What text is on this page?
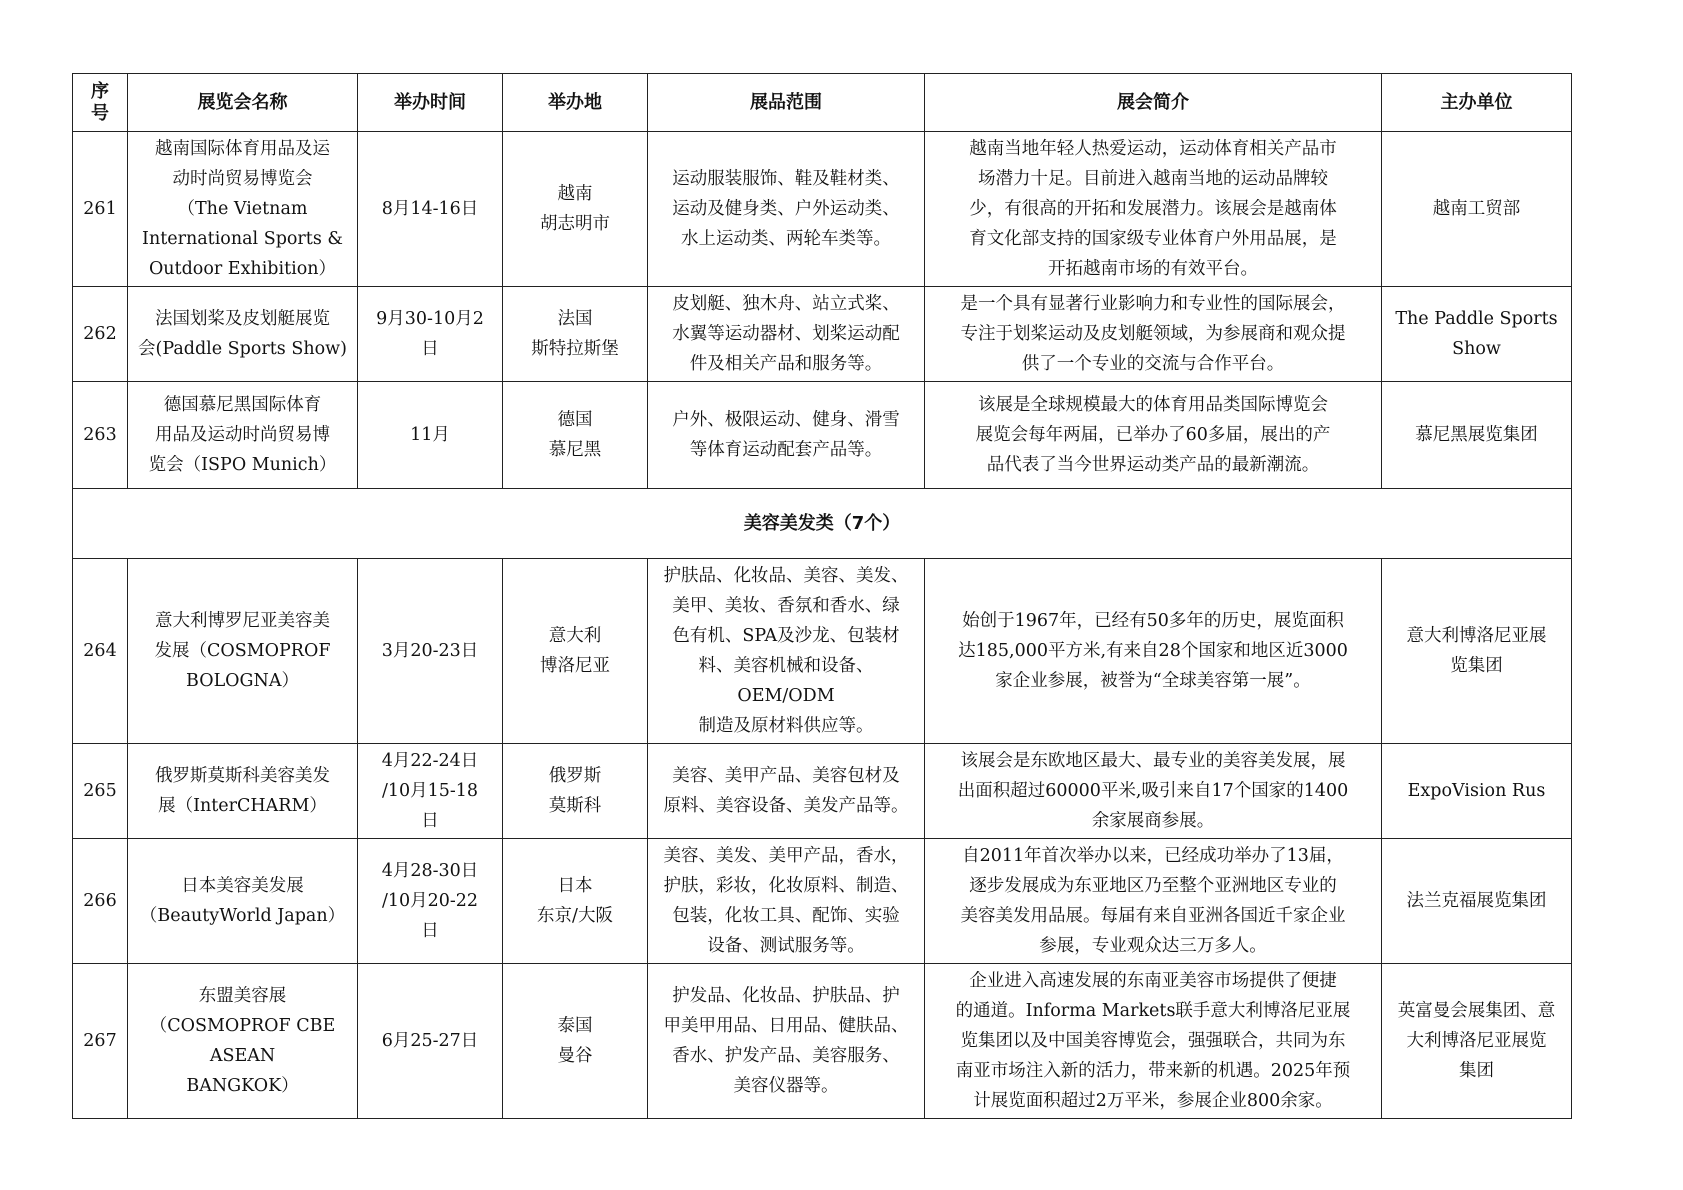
序
号	展览会名称	举办时间	举办地	展品范围	展会简介	主办单位
261	越南国际体育用品及运
动时尚贸易博览会
（The Vietnam
International Sports &
Outdoor Exhibition）	8月14-16日	越南
胡志明市	运动服装服饰、鞋及鞋材类、
运动及健身类、户外运动类、
水上运动类、两轮车类等。	越南当地年轻人热爱运动，运动体育相关产品市
场潜力十足。目前进入越南当地的运动品牌较
少，有很高的开拓和发展潜力。该展会是越南体
育文化部支持的国家级专业体育户外用品展，是
开拓越南市场的有效平台。	越南工贸部

262	法国划桨及皮划艇展览
会(Paddle Sports Show)	9月30-10月2
日	法国
斯特拉斯堡	皮划艇、独木舟、站立式桨、
水翼等运动器材、划桨运动配
件及相关产品和服务等。	是一个具有显著行业影响力和专业性的国际展会，
专注于划桨运动及皮划艇领域，为参展商和观众提
供了一个专业的交流与合作平台。	The Paddle Sports
Show

263	德国慕尼黑国际体育
用品及运动时尚贸易博
览会（ISPO Munich）	11月	德国
慕尼黑	户外、极限运动、健身、滑雪
等体育运动配套产品等。	该展是全球规模最大的体育用品类国际博览会
展览会每年两届，已举办了60多届，展出的产
品代表了当今世界运动类产品的最新潮流。	慕尼黑展览集团

美容美发类（7个）						
264	意大利博罗尼亚美容美
发展（COSMOPROF
BOLOGNA）	3月20-23日	意大利
博洛尼亚	护肤品、化妆品、美容、美发、
美甲、美妆、香氛和香水、绿
色有机、SPA及沙龙、包装材
料、美容机械和设备、OEM/ODM
制造及原材料供应等。	始创于1967年，已经有50多年的历史，展览面积
达185,000平方米,有来自28个国家和地区近3000
家企业参展，被誉为“全球美容第一展”。	意大利博洛尼亚展
览集团

265	俄罗斯莫斯科美容美发
展（InterCHARM）	4月22-24日
/10月15-18
日	俄罗斯
莫斯科	美容、美甲产品、美容包材及
原料、美容设备、美发产品等。	该展会是东欧地区最大、最专业的美容美发展，展
出面积超过60000平米,吸引来自17个国家的1400
余家展商参展。	ExpoVision Rus

266	日本美容美发展
（BeautyWorld Japan）	4月28-30日
/10月20-22
日	日本
东京/大阪	美容、美发、美甲产品，香水，
护肤，彩妆，化妆原料、制造、
包装，化妆工具、配饰、实验
设备、测试服务等。	自2011年首次举办以来，已经成功举办了13届，
逐步发展成为东亚地区乃至整个亚洲地区专业的
美容美发用品展。每届有来自亚洲各国近千家企业
参展，专业观众达三万多人。	法兰克福展览集团

267	东盟美容展
（COSMOPROF CBE ASEAN
BANGKOK）	6月25-27日	泰国
曼谷	护发品、化妆品、护肤品、护
甲美甲用品、日用品、健肤品、
香水、护发产品、美容服务、
美容仪器等。	企业进入高速发展的东南亚美容市场提供了便捷
的通道。Informa Markets联手意大利博洛尼亚展
览集团以及中国美容博览会，强强联合，共同为东
南亚市场注入新的活力，带来新的机遇。2025年预
计展览面积超过2万平米，参展企业800余家。	英富曼会展集团、意
大利博洛尼亚展览
集团
